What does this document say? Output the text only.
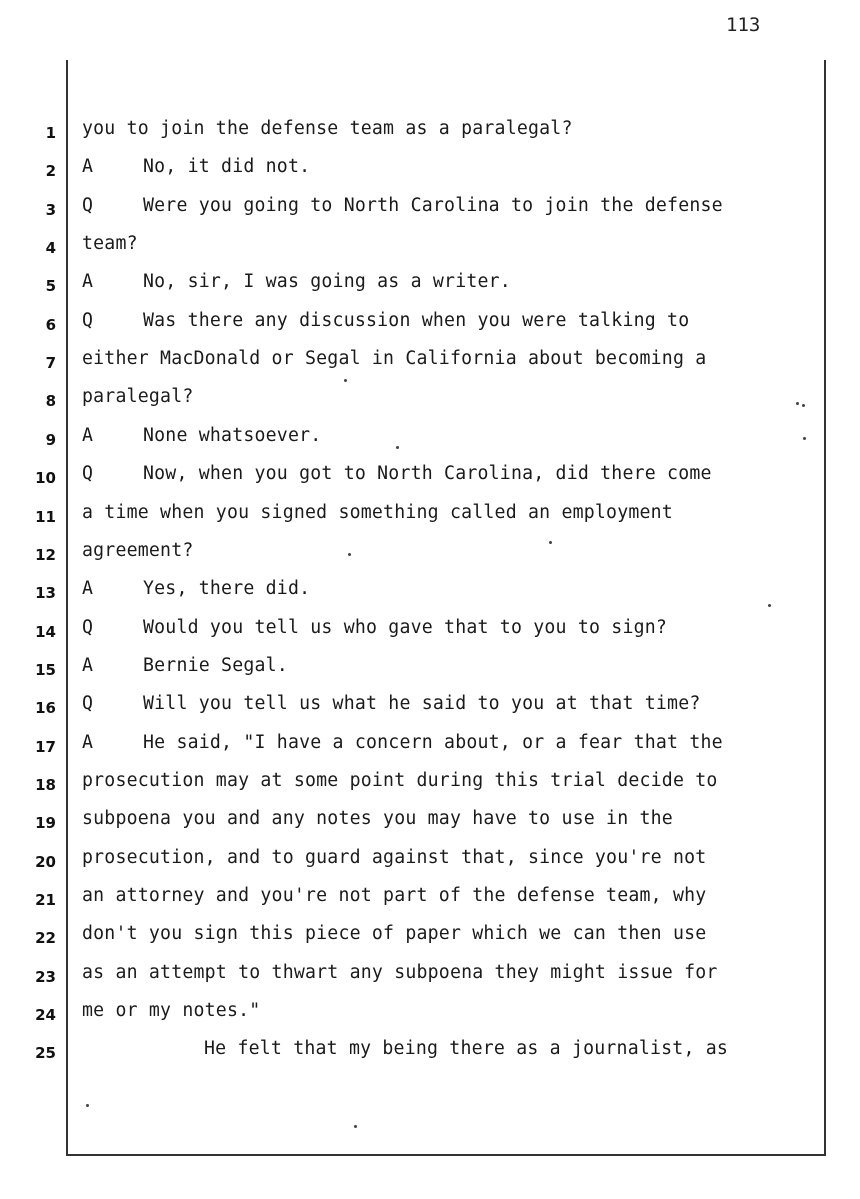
113
1 you to join the defense team as a paralegal?
2 A	No, it did not.
3 Q	Were you going to North Carolina to join the defense
4 team?
5 A	No, sir, I was going as a writer.
6 Q	Was there any discussion when you were talking to
7 either MacDonald or Segal in California about becoming a
8 paralegal?
9 A	None whatsoever.
10 Q	Now, when you got to North Carolina, did there come
11 a time when you signed something called an employment
12 agreement?
13 A	Yes, there did.
14 Q	Would you tell us who gave that to you to sign?
15 A	Bernie Segal.
16 Q	Will you tell us what he said to you at that time?
17 A	He said, "I have a concern about, or a fear that the
18 prosecution may at some point during this trial decide to
19 subpoena you and any notes you may have to use in the
20 prosecution, and to guard against that, since you're not
21 an attorney and you're not part of the defense team, why
22 don't you sign this piece of paper which we can then use
23 as an attempt to thwart any subpoena they might issue for
24 me or my notes."
25	He felt that my being there as a journalist, as
